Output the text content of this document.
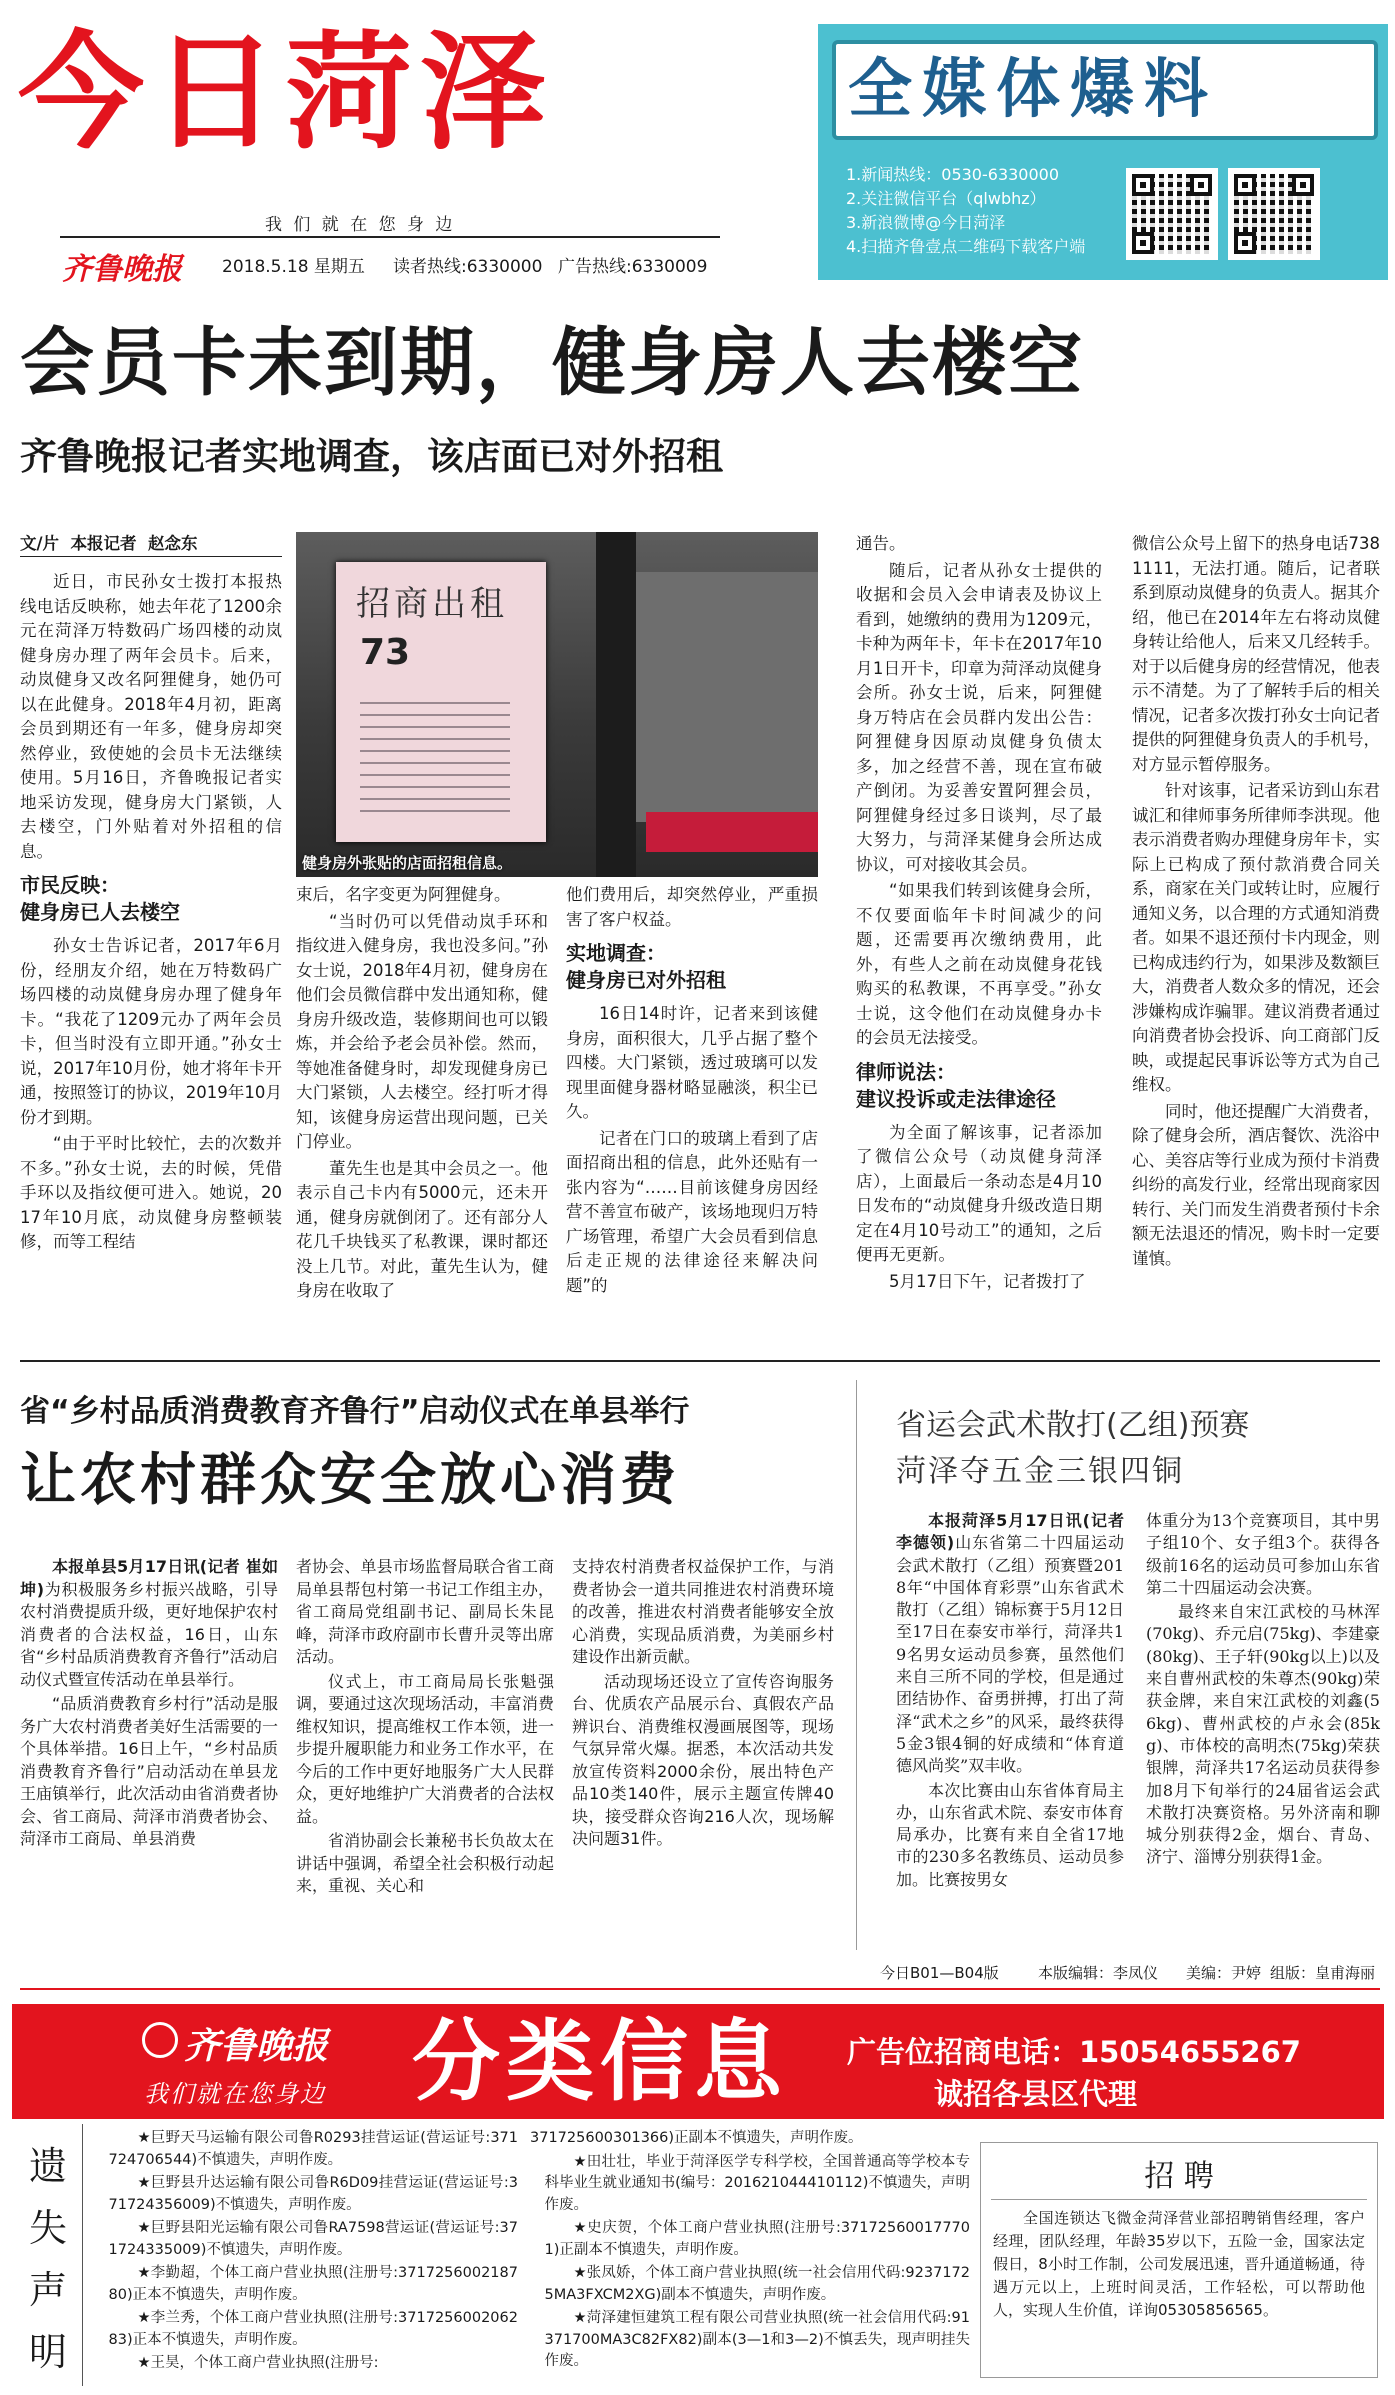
今日菏泽
我 们 就 在 您 身 边
齐鲁晚报 2018.5.18 星期五 读者热线:6330000 广告热线:6330009
全媒体爆料
1.新闻热线：0530-6330000
2.关注微信平台（qlwbhz）
3.新浪微博@今日菏泽
4.扫描齐鲁壹点二维码下载客户端
会员卡未到期，健身房人去楼空
齐鲁晚报记者实地调查，该店面已对外招租
文/片  本报记者  赵念东
招商出租
73
健身房外张贴的店面招租信息。

近日，市民孙女士拨打本报热线电话反映称，她去年花了1200余元在菏泽万特数码广场四楼的动岚健身房办理了两年会员卡。后来，动岚健身又改名阿狸健身，她仍可以在此健身。2018年4月初，距离会员到期还有一年多，健身房却突然停业，致使她的会员卡无法继续使用。5月16日，齐鲁晚报记者实地采访发现，健身房大门紧锁，人去楼空，门外贴着对外招租的信息。

市民反映：
健身房已人去楼空

孙女士告诉记者，2017年6月份，经朋友介绍，她在万特数码广场四楼的动岚健身房办理了健身年卡。“我花了1209元办了两年会员卡，但当时没有立即开通。”孙女士说，2017年10月份，她才将年卡开通，按照签订的协议，2019年10月份才到期。

“由于平时比较忙，去的次数并不多。”孙女士说，去的时候，凭借手环以及指纹便可进入。她说，2017年10月底，动岚健身房整顿装修，而等工程结

束后，名字变更为阿狸健身。

“当时仍可以凭借动岚手环和指纹进入健身房，我也没多问。”孙女士说，2018年4月初，健身房在他们会员微信群中发出通知称，健身房升级改造，装修期间也可以锻炼，并会给予老会员补偿。然而，等她准备健身时，却发现健身房已大门紧锁，人去楼空。经打听才得知，该健身房运营出现问题，已关门停业。

董先生也是其中会员之一。他表示自己卡内有5000元，还未开通，健身房就倒闭了。还有部分人花几千块钱买了私教课，课时都还没上几节。对此，董先生认为，健身房在收取了

他们费用后，却突然停业，严重损害了客户权益。

实地调查：
健身房已对外招租

16日14时许，记者来到该健身房，面积很大，几乎占据了整个四楼。大门紧锁，透过玻璃可以发现里面健身器材略显融淡，积尘已久。

记者在门口的玻璃上看到了店面招商出租的信息，此外还贴有一张内容为“……目前该健身房因经营不善宣布破产，该场地现归万特广场管理，希望广大会员看到信息后走正规的法律途径来解决问题”的

通告。

随后，记者从孙女士提供的收据和会员入会申请表及协议上看到，她缴纳的费用为1209元，卡种为两年卡，年卡在2017年10月1日开卡，印章为菏泽动岚健身会所。孙女士说，后来，阿狸健身万特店在会员群内发出公告：阿狸健身因原动岚健身负债太多，加之经营不善，现在宣布破产倒闭。为妥善安置阿狸会员，阿狸健身经过多日谈判，尽了最大努力，与菏泽某健身会所达成协议，可对接收其会员。

“如果我们转到该健身会所，不仅要面临年卡时间减少的问题，还需要再次缴纳费用，此外，有些人之前在动岚健身花钱购买的私教课，不再享受。”孙女士说，这令他们在动岚健身办卡的会员无法接受。

律师说法：
建议投诉或走法律途径

为全面了解该事，记者添加了微信公众号（动岚健身菏泽店），上面最后一条动态是4月10日发布的“动岚健身升级改造日期定在4月10号动工”的通知，之后便再无更新。

5月17日下午，记者拨打了

微信公众号上留下的热身电话7381111，无法打通。随后，记者联系到原动岚健身的负责人。据其介绍，他已在2014年左右将动岚健身转让给他人，后来又几经转手。对于以后健身房的经营情况，他表示不清楚。为了了解转手后的相关情况，记者多次拨打孙女士向记者提供的阿狸健身负责人的手机号，对方显示暂停服务。

针对该事，记者采访到山东君诚汇和律师事务所律师李洪现。他表示消费者购办理健身房年卡，实际上已构成了预付款消费合同关系，商家在关门或转让时，应履行通知义务，以合理的方式通知消费者。如果不退还预付卡内现金，则已构成违约行为，如果涉及数额巨大，消费者人数众多的情况，还会涉嫌构成诈骗罪。建议消费者通过向消费者协会投诉、向工商部门反映，或提起民事诉讼等方式为自己维权。

同时，他还提醒广大消费者，除了健身会所，酒店餐饮、洗浴中心、美容店等行业成为预付卡消费纠纷的高发行业，经常出现商家因转行、关门而发生消费者预付卡余额无法退还的情况，购卡时一定要谨慎。

省“乡村品质消费教育齐鲁行”启动仪式在单县举行
让农村群众安全放心消费

本报单县5月17日讯(记者 崔如坤)为积极服务乡村振兴战略，引导农村消费提质升级，更好地保护农村消费者的合法权益，16日，山东省“乡村品质消费教育齐鲁行”活动启动仪式暨宣传活动在单县举行。

“品质消费教育乡村行”活动是服务广大农村消费者美好生活需要的一个具体举措。16日上午，“乡村品质消费教育齐鲁行”启动活动在单县龙王庙镇举行，此次活动由省消费者协会、省工商局、菏泽市消费者协会、菏泽市工商局、单县消费

者协会、单县市场监督局联合省工商局单县帮包村第一书记工作组主办，省工商局党组副书记、副局长朱昆峰，菏泽市政府副市长曹升灵等出席活动。

仪式上，市工商局局长张魁强调，要通过这次现场活动，丰富消费维权知识，提高维权工作本领，进一步提升履职能力和业务工作水平，在今后的工作中更好地服务广大人民群众，更好地维护广大消费者的合法权益。

省消协副会长兼秘书长负故太在讲话中强调，希望全社会积极行动起来，重视、关心和

支持农村消费者权益保护工作，与消费者协会一道共同推进农村消费环境的改善，推进农村消费者能够安全放心消费，实现品质消费，为美丽乡村建设作出新贡献。

活动现场还设立了宣传咨询服务台、优质农产品展示台、真假农产品辨识台、消费维权漫画展图等，现场气氛异常火爆。据悉，本次活动共发放宣传资料2000余份，展出特色产品10类140件，展示主题宣传牌40块，接受群众咨询216人次，现场解决问题31件。

省运会武术散打(乙组)预赛
菏泽夺五金三银四铜

本报菏泽5月17日讯(记者 李德领)山东省第二十四届运动会武术散打（乙组）预赛暨2018年“中国体育彩票”山东省武术散打（乙组）锦标赛于5月12日至17日在泰安市举行，菏泽共19名男女运动员参赛，虽然他们来自三所不同的学校，但是通过团结协作、奋勇拼搏，打出了菏泽“武术之乡”的风采，最终获得5金3银4铜的好成绩和“体育道德风尚奖”双丰收。

本次比赛由山东省体育局主办，山东省武术院、泰安市体育局承办，比赛有来自全省17地市的230多名教练员、运动员参加。比赛按男女

体重分为13个竞赛项目，其中男子组10个、女子组3个。获得各级前16名的运动员可参加山东省第二十四届运动会决赛。

最终来自宋江武校的马林浑(70kg)、乔元启(75kg)、李建豪(80kg)、王子轩(90kg以上)以及来自曹州武校的朱尊杰(90kg)荣获金牌，来自宋江武校的刘鑫(56kg)、曹州武校的卢永会(85kg)、市体校的高明杰(75kg)荣获银牌，菏泽共17名运动员获得参加8月下旬举行的24届省运会武术散打决赛资格。另外济南和聊城分别获得2金，烟台、青岛、济宁、淄博分别获得1金。

今日B01—B04版	本版编辑：李凤仪 美编：尹婷 组版：皇甫海丽
齐鲁晚报
我们就在您身边 分类信息 广告位招商电话：15054655267
诚招各县区代理
遗失声明

★巨野天马运输有限公司鲁R0293挂营运证(营运证号:371724706544)不慎遗失，声明作废。

★巨野县升达运输有限公司鲁R6D09挂营运证(营运证号:371724356009)不慎遗失，声明作废。

★巨野县阳光运输有限公司鲁RA7598营运证(营运证号:371724335009)不慎遗失，声明作废。

★李勤超，个体工商户营业执照(注册号:371725600218780)正本不慎遗失，声明作废。

★李兰秀，个体工商户营业执照(注册号:371725600206283)正本不慎遗失，声明作废。

★王昊，个体工商户营业执照(注册号:

371725600301366)正副本不慎遗失，声明作废。

★田壮壮，毕业于菏泽医学专科学校，全国普通高等学校本专科毕业生就业通知书(编号：201621044410112)不慎遗失，声明作废。

★史庆贺，个体工商户营业执照(注册号:371725600177701)正副本不慎遗失，声明作废。

★张凤娇，个体工商户营业执照(统一社会信用代码:92371725MA3FXCM2XG)副本不慎遗失，声明作废。

★菏泽建恒建筑工程有限公司营业执照(统一社会信用代码:91371700MA3C82FX82)副本(3—1和3—2)不慎丢失，现声明挂失作废。

招 聘
全国连锁达飞微金菏泽营业部招聘销售经理，客户经理，团队经理，年龄35岁以下，五险一金，国家法定假日，8小时工作制，公司发展迅速，晋升通道畅通，待遇万元以上，上班时间灵活，工作轻松，可以帮助他人，实现人生价值，详询05305856565。
